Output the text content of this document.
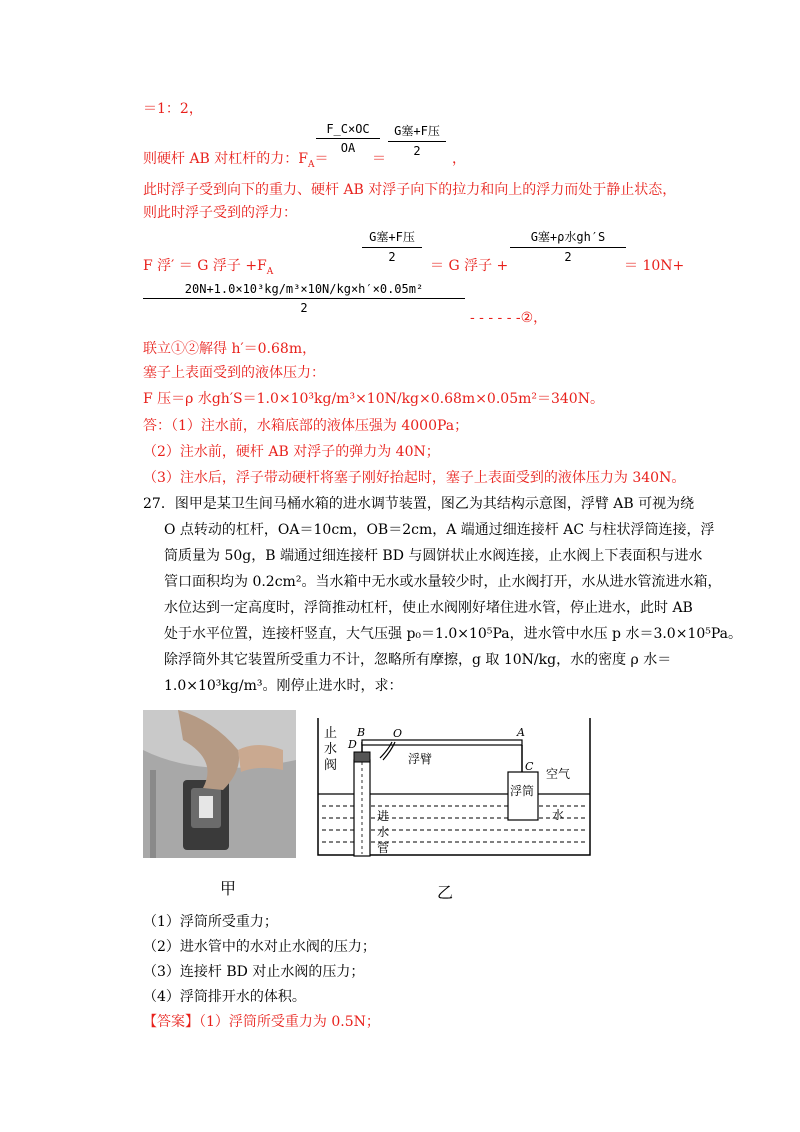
＝1：2，
$\frac{F\_C\times OC}{OA}$	G塞+F压
2
则硬杆 AB 对杠杆的力：$F_A=$	＝	，
此时浮子受到向下的重力、硬杆 AB 对浮子向下的拉力和向上的浮力而处于静止状态，
则此时浮子受到的浮力：
G塞+F压
2
G塞+ρ水gh′S
2
F 浮′ ＝ G 浮子 $+F_A$	＝ G 浮子 +	＝ 10N+
$\frac{\text{20N+1.0×10³kg/m³×10N/kg×h′×0.05m²}}{2}$
- - - - - -②，
联立①②解得 h′＝0.68m，
塞子上表面受到的液体压力：
F 压＝ρ 水gh′S＝1.0×10³kg/m³×10N/kg×0.68m×0.05m²＝340N。
答：（1）注水前，水箱底部的液体压强为 4000Pa；
（2）注水前，硬杆 AB 对浮子的弹力为 40N；
（3）注水后，浮子带动硬杆将塞子刚好抬起时，塞子上表面受到的液体压力为 340N。
27．图甲是某卫生间马桶水箱的进水调节装置，图乙为其结构示意图，浮臂 AB 可视为绕
O 点转动的杠杆，OA＝10cm，OB＝2cm，A 端通过细连接杆 AC 与柱状浮筒连接，浮
筒质量为 50g，B 端通过细连接杆 BD 与圆饼状止水阀连接，止水阀上下表面积与进水
管口面积均为 0.2cm²。当水箱中无水或水量较少时，止水阀打开，水从进水管流进水箱，
水位达到一定高度时，浮筒推动杠杆，使止水阀刚好堵住进水管，停止进水，此时 AB
处于水平位置，连接杆竖直，大气压强 p₀＝1.0×10⁵Pa，进水管中水压 p 水＝3.0×10⁵Pa。
除浮筒外其它装置所受重力不计，忽略所有摩擦，g 取 10N/kg，水的密度 ρ 水＝
1.0×10³kg/m³。刚停止进水时，求：
甲
B
D
O	A
C
止水阀	浮臂
浮筒
空气
水
进水管
乙
（1）浮筒所受重力；
（2）进水管中的水对止水阀的压力；
（3）连接杆 BD 对止水阀的压力；
（4）浮筒排开水的体积。
【答案】（1）浮筒所受重力为 0.5N；
